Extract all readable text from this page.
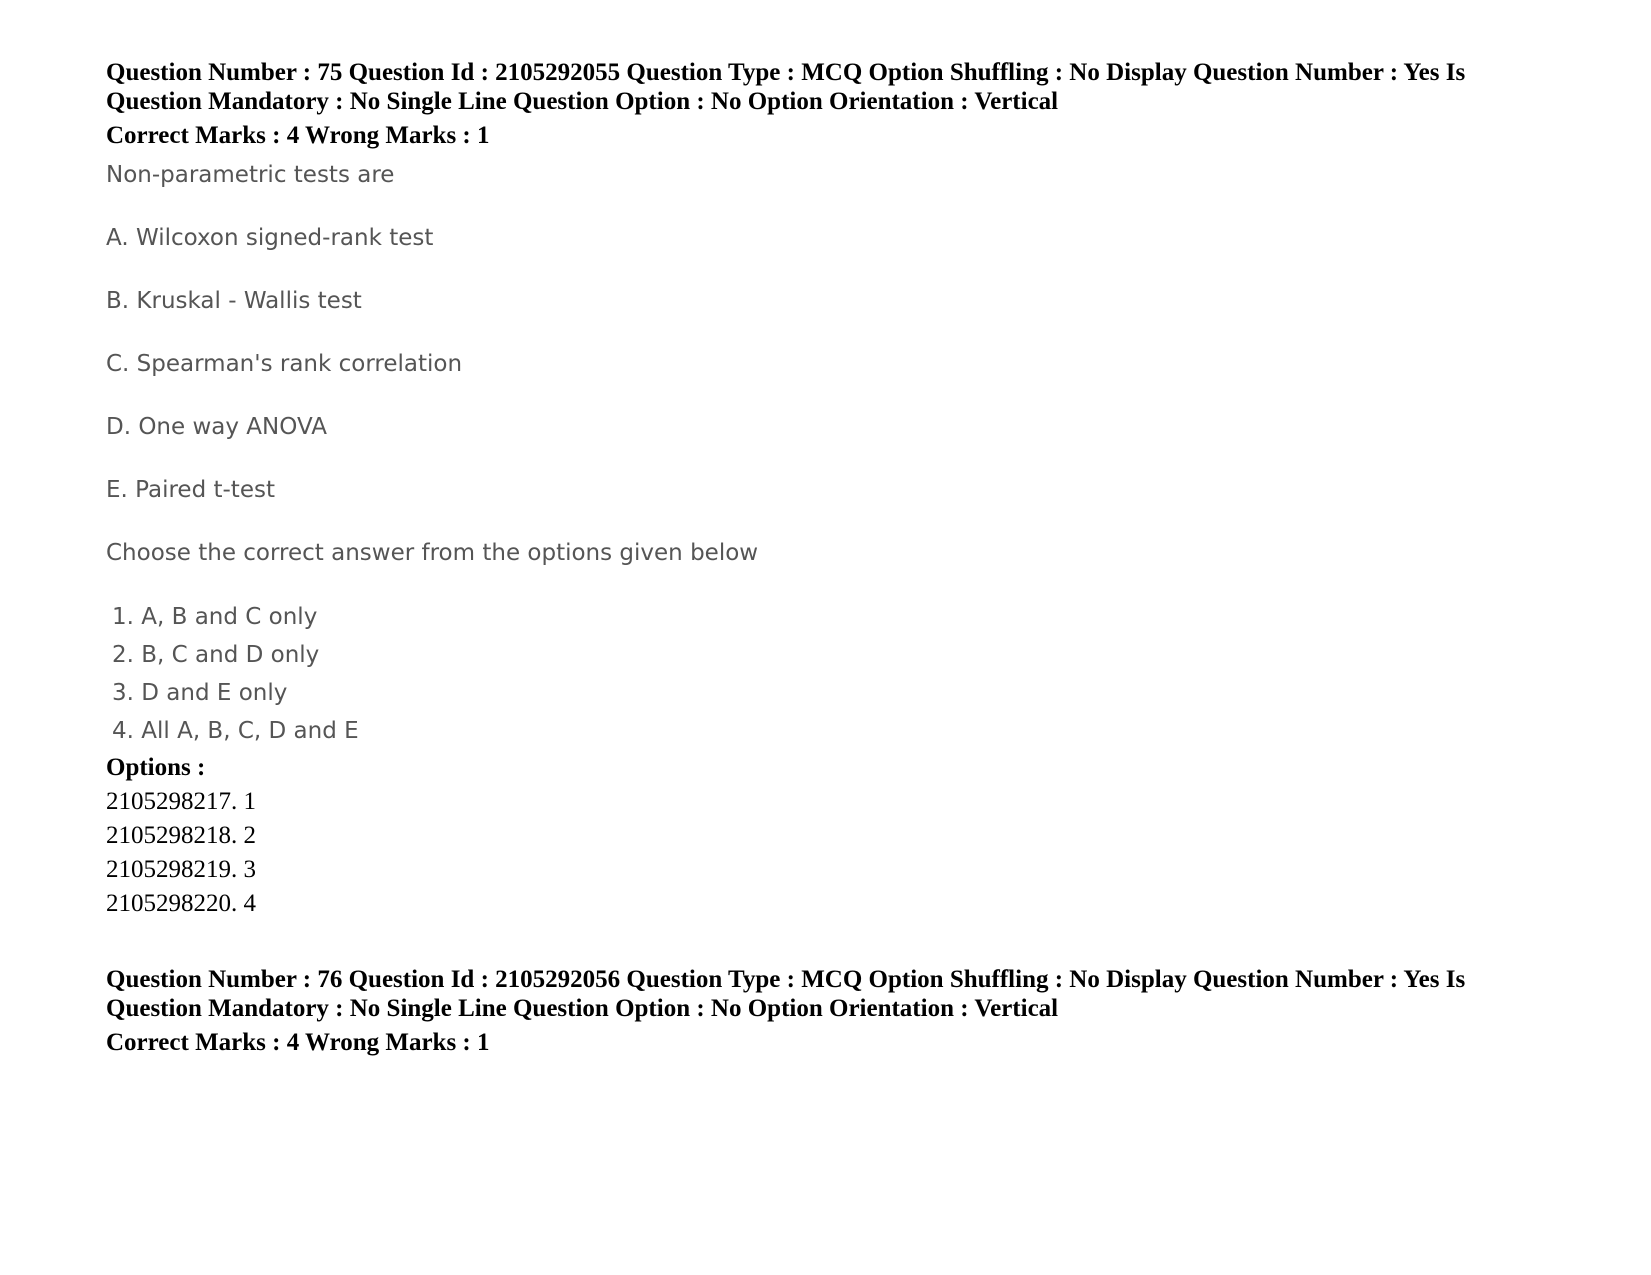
Question Number : 75 Question Id : 2105292055 Question Type : MCQ Option Shuffling : No Display Question Number : Yes Is
Question Mandatory : No Single Line Question Option : No Option Orientation : Vertical
Correct Marks : 4 Wrong Marks : 1
Non-parametric tests are
A. Wilcoxon signed-rank test
B. Kruskal - Wallis test
C. Spearman's rank correlation
D. One way ANOVA
E. Paired t-test
Choose the correct answer from the options given below
1. A, B and C only
2. B, C and D only
3. D and E only
4. All A, B, C, D and E
Options :
2105298217. 1
2105298218. 2
2105298219. 3
2105298220. 4
Question Number : 76 Question Id : 2105292056 Question Type : MCQ Option Shuffling : No Display Question Number : Yes Is
Question Mandatory : No Single Line Question Option : No Option Orientation : Vertical
Correct Marks : 4 Wrong Marks : 1
